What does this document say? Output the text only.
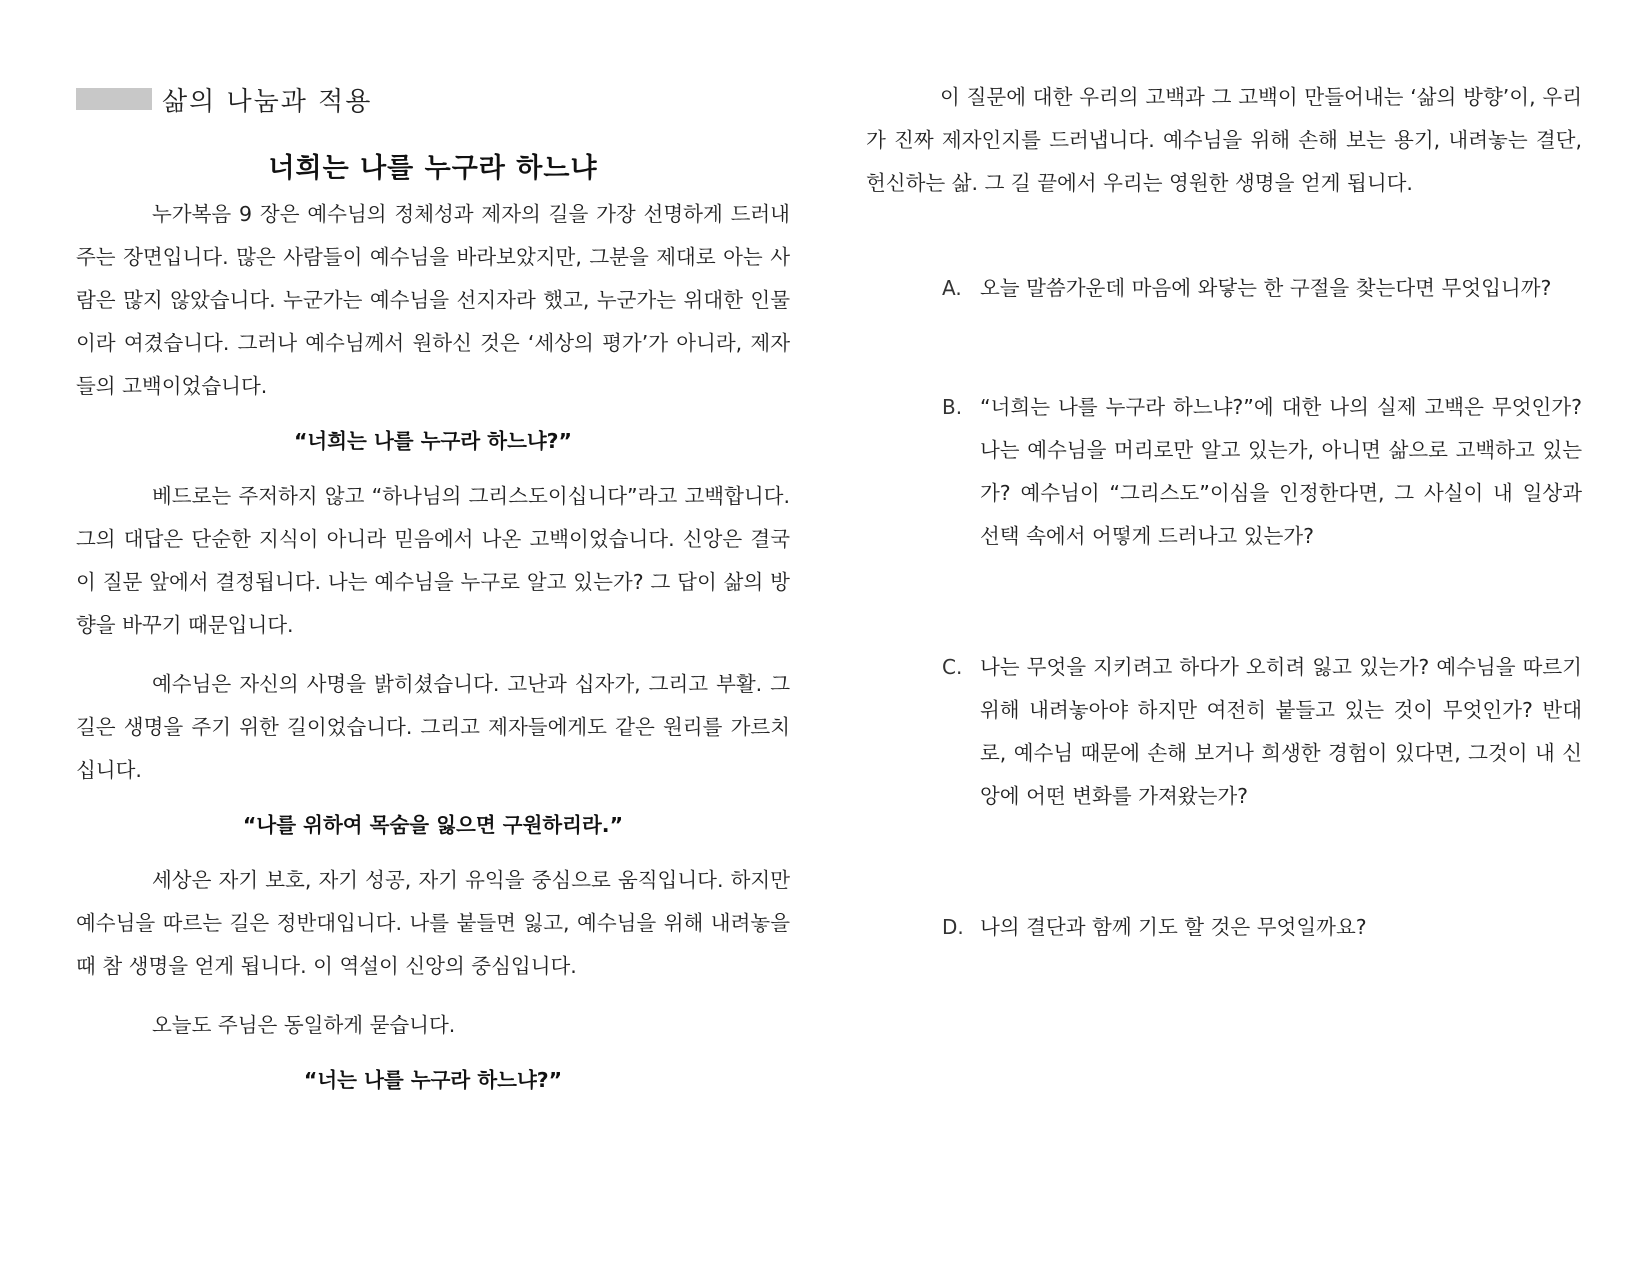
삶의 나눔과 적용
너희는 나를 누구라 하느냐

누가복음 9 장은 예수님의 정체성과 제자의 길을 가장 선명하게 드러내 주는 장면입니다. 많은 사람들이 예수님을 바라보았지만, 그분을 제대로 아는 사람은 많지 않았습니다. 누군가는 예수님을 선지자라 했고, 누군가는 위대한 인물이라 여겼습니다. 그러나 예수님께서 원하신 것은 ‘세상의 평가’가 아니라, 제자들의 고백이었습니다.

“너희는 나를 누구라 하느냐?”

베드로는 주저하지 않고 “하나님의 그리스도이십니다”라고 고백합니다. 그의 대답은 단순한 지식이 아니라 믿음에서 나온 고백이었습니다. 신앙은 결국 이 질문 앞에서 결정됩니다. 나는 예수님을 누구로 알고 있는가? 그 답이 삶의 방향을 바꾸기 때문입니다.

예수님은 자신의 사명을 밝히셨습니다. 고난과 십자가, 그리고 부활. 그 길은 생명을 주기 위한 길이었습니다. 그리고 제자들에게도 같은 원리를 가르치십니다.

“나를 위하여 목숨을 잃으면 구원하리라.”

세상은 자기 보호, 자기 성공, 자기 유익을 중심으로 움직입니다. 하지만 예수님을 따르는 길은 정반대입니다. 나를 붙들면 잃고, 예수님을 위해 내려놓을 때 참 생명을 얻게 됩니다. 이 역설이 신앙의 중심입니다.

오늘도 주님은 동일하게 묻습니다.

“너는 나를 누구라 하느냐?”

이 질문에 대한 우리의 고백과 그 고백이 만들어내는 ‘삶의 방향’이, 우리가 진짜 제자인지를 드러냅니다. 예수님을 위해 손해 보는 용기, 내려놓는 결단, 헌신하는 삶. 그 길 끝에서 우리는 영원한 생명을 얻게 됩니다.

A. 오늘 말씀가운데 마음에 와닿는 한 구절을 찾는다면 무엇입니까?
B. “너희는 나를 누구라 하느냐?”에 대한 나의 실제 고백은 무엇인가? 나는 예수님을 머리로만 알고 있는가, 아니면 삶으로 고백하고 있는가? 예수님이 “그리스도”이심을 인정한다면, 그 사실이 내 일상과 선택 속에서 어떻게 드러나고 있는가?
C. 나는 무엇을 지키려고 하다가 오히려 잃고 있는가? 예수님을 따르기 위해 내려놓아야 하지만 여전히 붙들고 있는 것이 무엇인가? 반대로, 예수님 때문에 손해 보거나 희생한 경험이 있다면, 그것이 내 신앙에 어떤 변화를 가져왔는가?
D. 나의 결단과 함께 기도 할 것은 무엇일까요?
